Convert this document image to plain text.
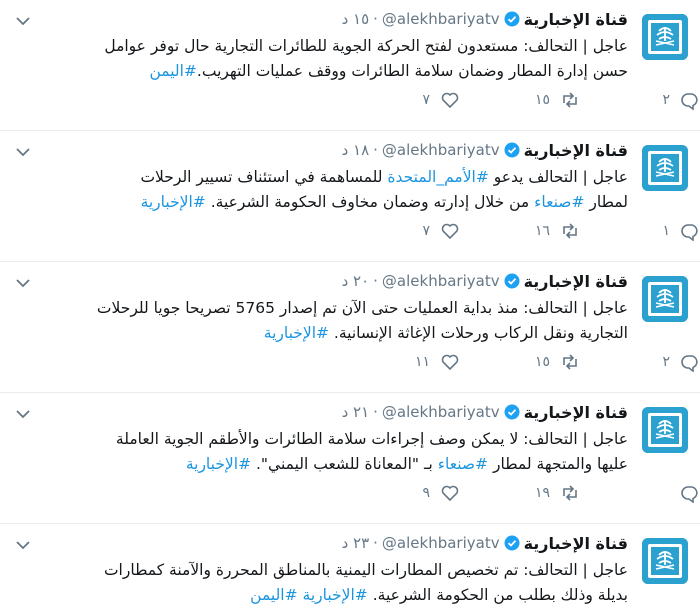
قناة الإخبارية
@alekhbariyatv
·
١٥ د
عاجل | التحالف: مستعدون لفتح الحركة الجوية للطائرات التجارية حال توفر عوامل
حسن إدارة المطار وضمان سلامة الطائرات ووقف عمليات التهريب.#اليمن
٢
١٥
٧
قناة الإخبارية
@alekhbariyatv
·
١٨ د
عاجل | التحالف يدعو #الأمم_المتحدة للمساهمة في استئناف تسيير الرحلات
لمطار #صنعاء من خلال إدارته وضمان مخاوف الحكومة الشرعية. #الإخبارية
١
١٦
٧
قناة الإخبارية
@alekhbariyatv
·
٢٠ د
عاجل | التحالف: منذ بداية العمليات حتى الآن تم إصدار 5765 تصريحا جويا للرحلات
التجارية ونقل الركاب ورحلات الإغاثة الإنسانية. #الإخبارية
٢
١٥
١١
قناة الإخبارية
@alekhbariyatv
·
٢١ د
عاجل | التحالف: لا يمكن وصف إجراءات سلامة الطائرات والأطقم الجوية العاملة
عليها والمتجهة لمطار #صنعاء بـ "المعاناة للشعب اليمني". #الإخبارية
١٩
٩
قناة الإخبارية
@alekhbariyatv
·
٢٣ د
عاجل | التحالف: تم تخصيص المطارات اليمنية بالمناطق المحررة والآمنة كمطارات
بديلة وذلك بطلب من الحكومة الشرعية. #الإخبارية #اليمن
